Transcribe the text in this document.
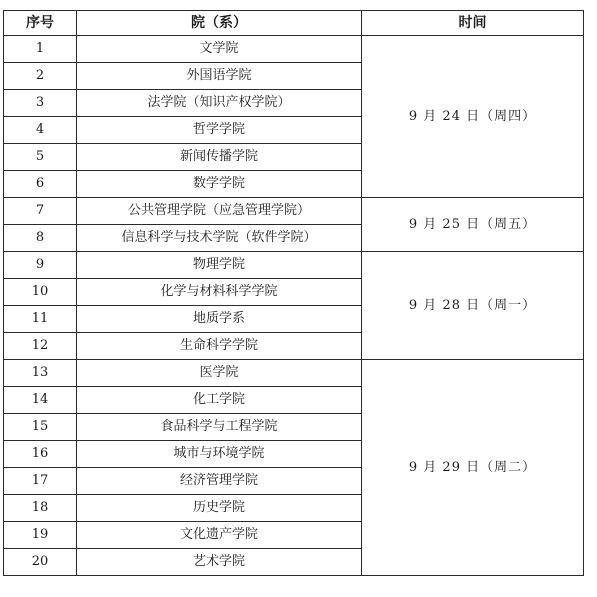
序号	院（系）	时间
1	文学院	9 月 24 日（周四）
2	外国语学院	
3	法学院（知识产权学院）	
4	哲学学院	
5	新闻传播学院	
6	数学学院	
7	公共管理学院（应急管理学院）	9 月 25 日（周五）
8	信息科学与技术学院（软件学院）	
9	物理学院	9 月 28 日（周一）
10	化学与材料科学学院	
11	地质学系	
12	生命科学学院	
13	医学院	9 月 29 日（周二）
14	化工学院	
15	食品科学与工程学院	
16	城市与环境学院	
17	经济管理学院	
18	历史学院	
19	文化遗产学院	
20	艺术学院	
